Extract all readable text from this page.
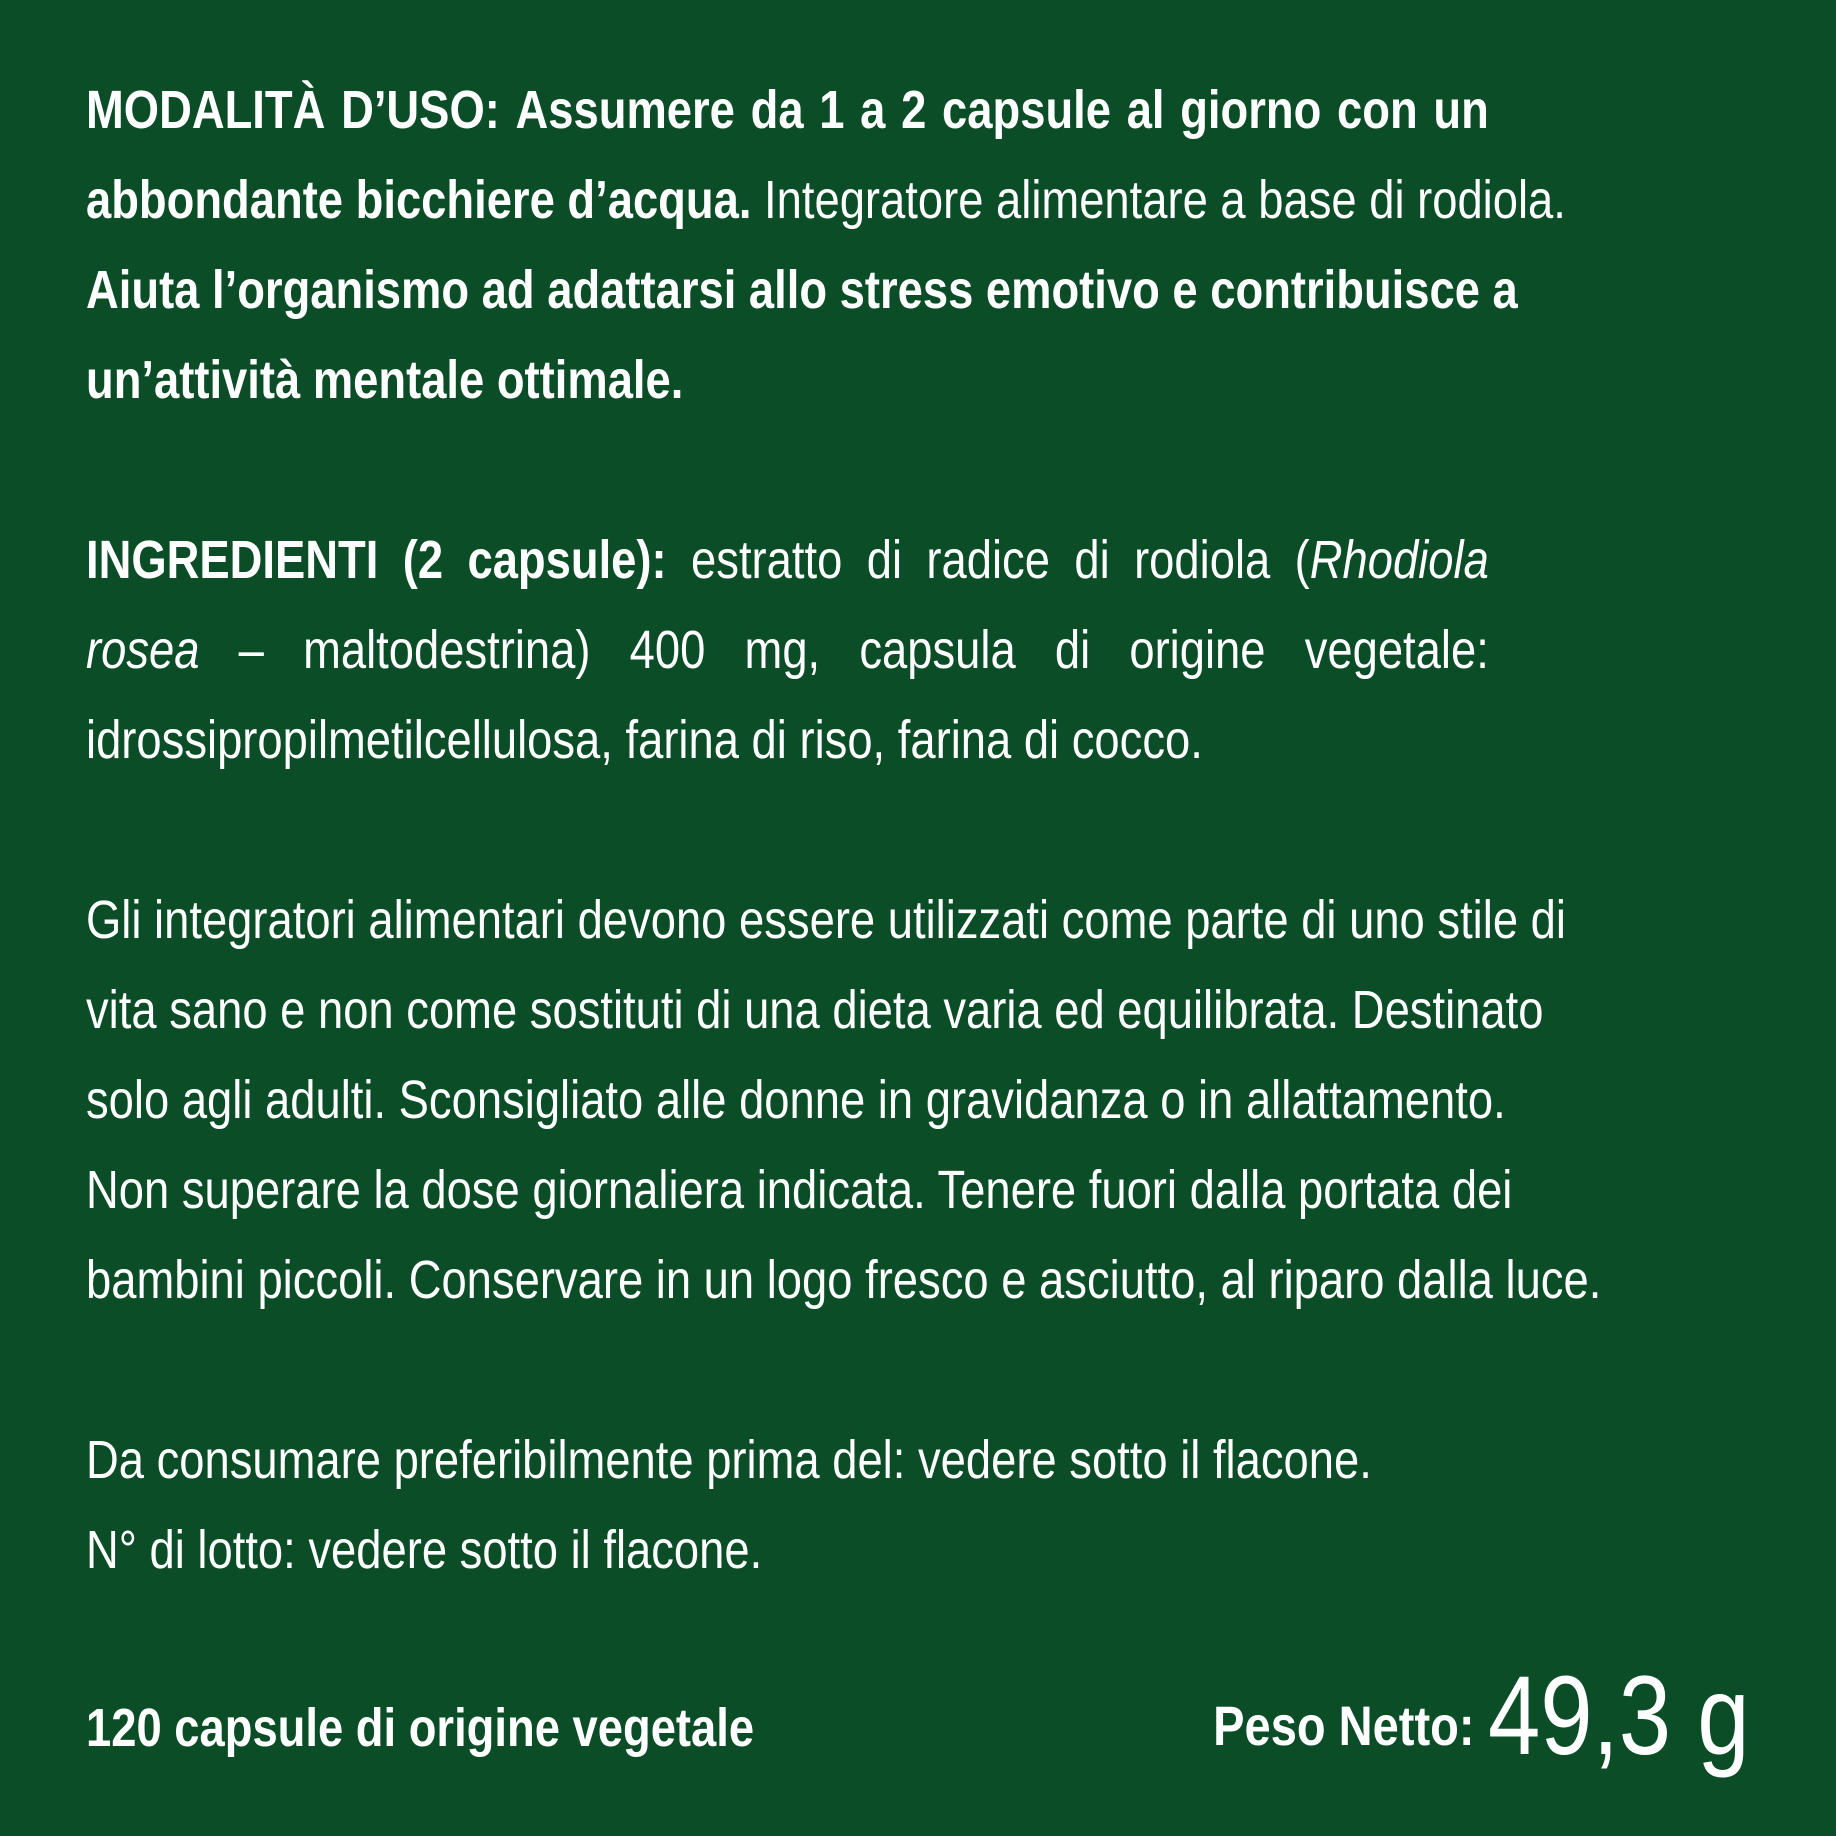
MODALITÀ D’USO: Assumere da 1 a 2 capsule al giorno con un
abbondante bicchiere d’acqua. Integratore alimentare a base di rodiola.
Aiuta l’organismo ad adattarsi allo stress emotivo e contribuisce a
un’attività mentale ottimale.
INGREDIENTI (2 capsule): estratto di radice di rodiola (Rhodiola
rosea – maltodestrina) 400 mg, capsula di origine vegetale:
idrossipropilmetilcellulosa, farina di riso, farina di cocco.
Gli integratori alimentari devono essere utilizzati come parte di uno stile di
vita sano e non come sostituti di una dieta varia ed equilibrata. Destinato
solo agli adulti. Sconsigliato alle donne in gravidanza o in allattamento.
Non superare la dose giornaliera indicata. Tenere fuori dalla portata dei
bambini piccoli. Conservare in un logo fresco e asciutto, al riparo dalla luce.
Da consumare preferibilmente prima del: vedere sotto il flacone.
N° di lotto: vedere sotto il flacone.
120 capsule di origine vegetale	Peso Netto: 49,3 g
